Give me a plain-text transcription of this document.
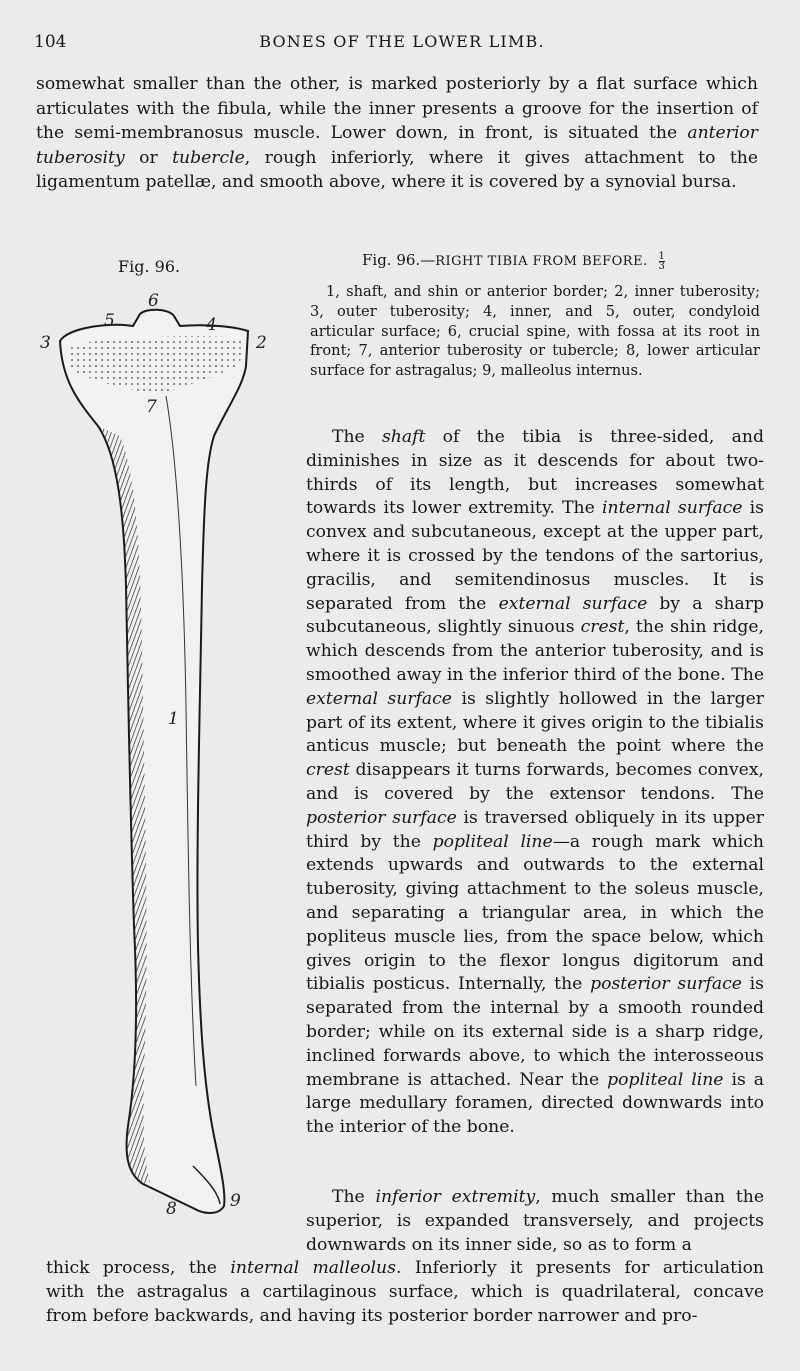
104	BONES OF THE LOWER LIMB.

somewhat smaller than the other, is marked posteriorly by a flat surface which articulates with the fibula, while the inner presents a groove for the insertion of the semi-membranosus muscle. Lower down, in front, is situated the anterior tuberosity or tubercle, rough inferiorly, where it gives attachment to the ligamentum patellæ, and smooth above, where it is covered by a synovial bursa.

Fig. 96.	Fig. 96.—RIGHT TIBIA FROM BEFORE. $\frac{1}{3}$

1, shaft, and shin or anterior border; 2, inner tuberosity; 3, outer tuberosity; 4, inner, and 5, outer, condyloid articular surface; 6, crucial spine, with fossa at its root in front; 7, anterior tuberosity or tubercle; 8, lower articular surface for astragalus; 9, malleolus internus.

6
5	4
3	2
7
1
8	9

The shaft of the tibia is three-sided, and diminishes in size as it descends for about two-thirds of its length, but increases somewhat towards its lower extremity. The internal surface is convex and subcutaneous, except at the upper part, where it is crossed by the tendons of the sartorius, gracilis, and semitendinosus muscles. It is separated from the external surface by a sharp subcutaneous, slightly sinuous crest, the shin ridge, which descends from the anterior tuberosity, and is smoothed away in the inferior third of the bone. The external surface is slightly hollowed in the larger part of its extent, where it gives origin to the tibialis anticus muscle; but beneath the point where the crest disappears it turns forwards, becomes convex, and is covered by the extensor tendons. The posterior surface is traversed obliquely in its upper third by the popliteal line—a rough mark which extends upwards and outwards to the external tuberosity, giving attachment to the soleus muscle, and separating a triangular area, in which the popliteus muscle lies, from the space below, which gives origin to the flexor longus digitorum and tibialis posticus. Internally, the posterior surface is separated from the internal by a smooth rounded border; while on its external side is a sharp ridge, inclined forwards above, to which the interosseous membrane is attached. Near the popliteal line is a large medullary foramen, directed downwards into the interior of the bone.

The inferior extremity, much smaller than the superior, is expanded transversely, and projects downwards on its inner side, so as to form a

thick process, the internal malleolus. Inferiorly it presents for articulation
with the astragalus a cartilaginous surface, which is quadrilateral, concave
from before backwards, and having its posterior border narrower and pro-
